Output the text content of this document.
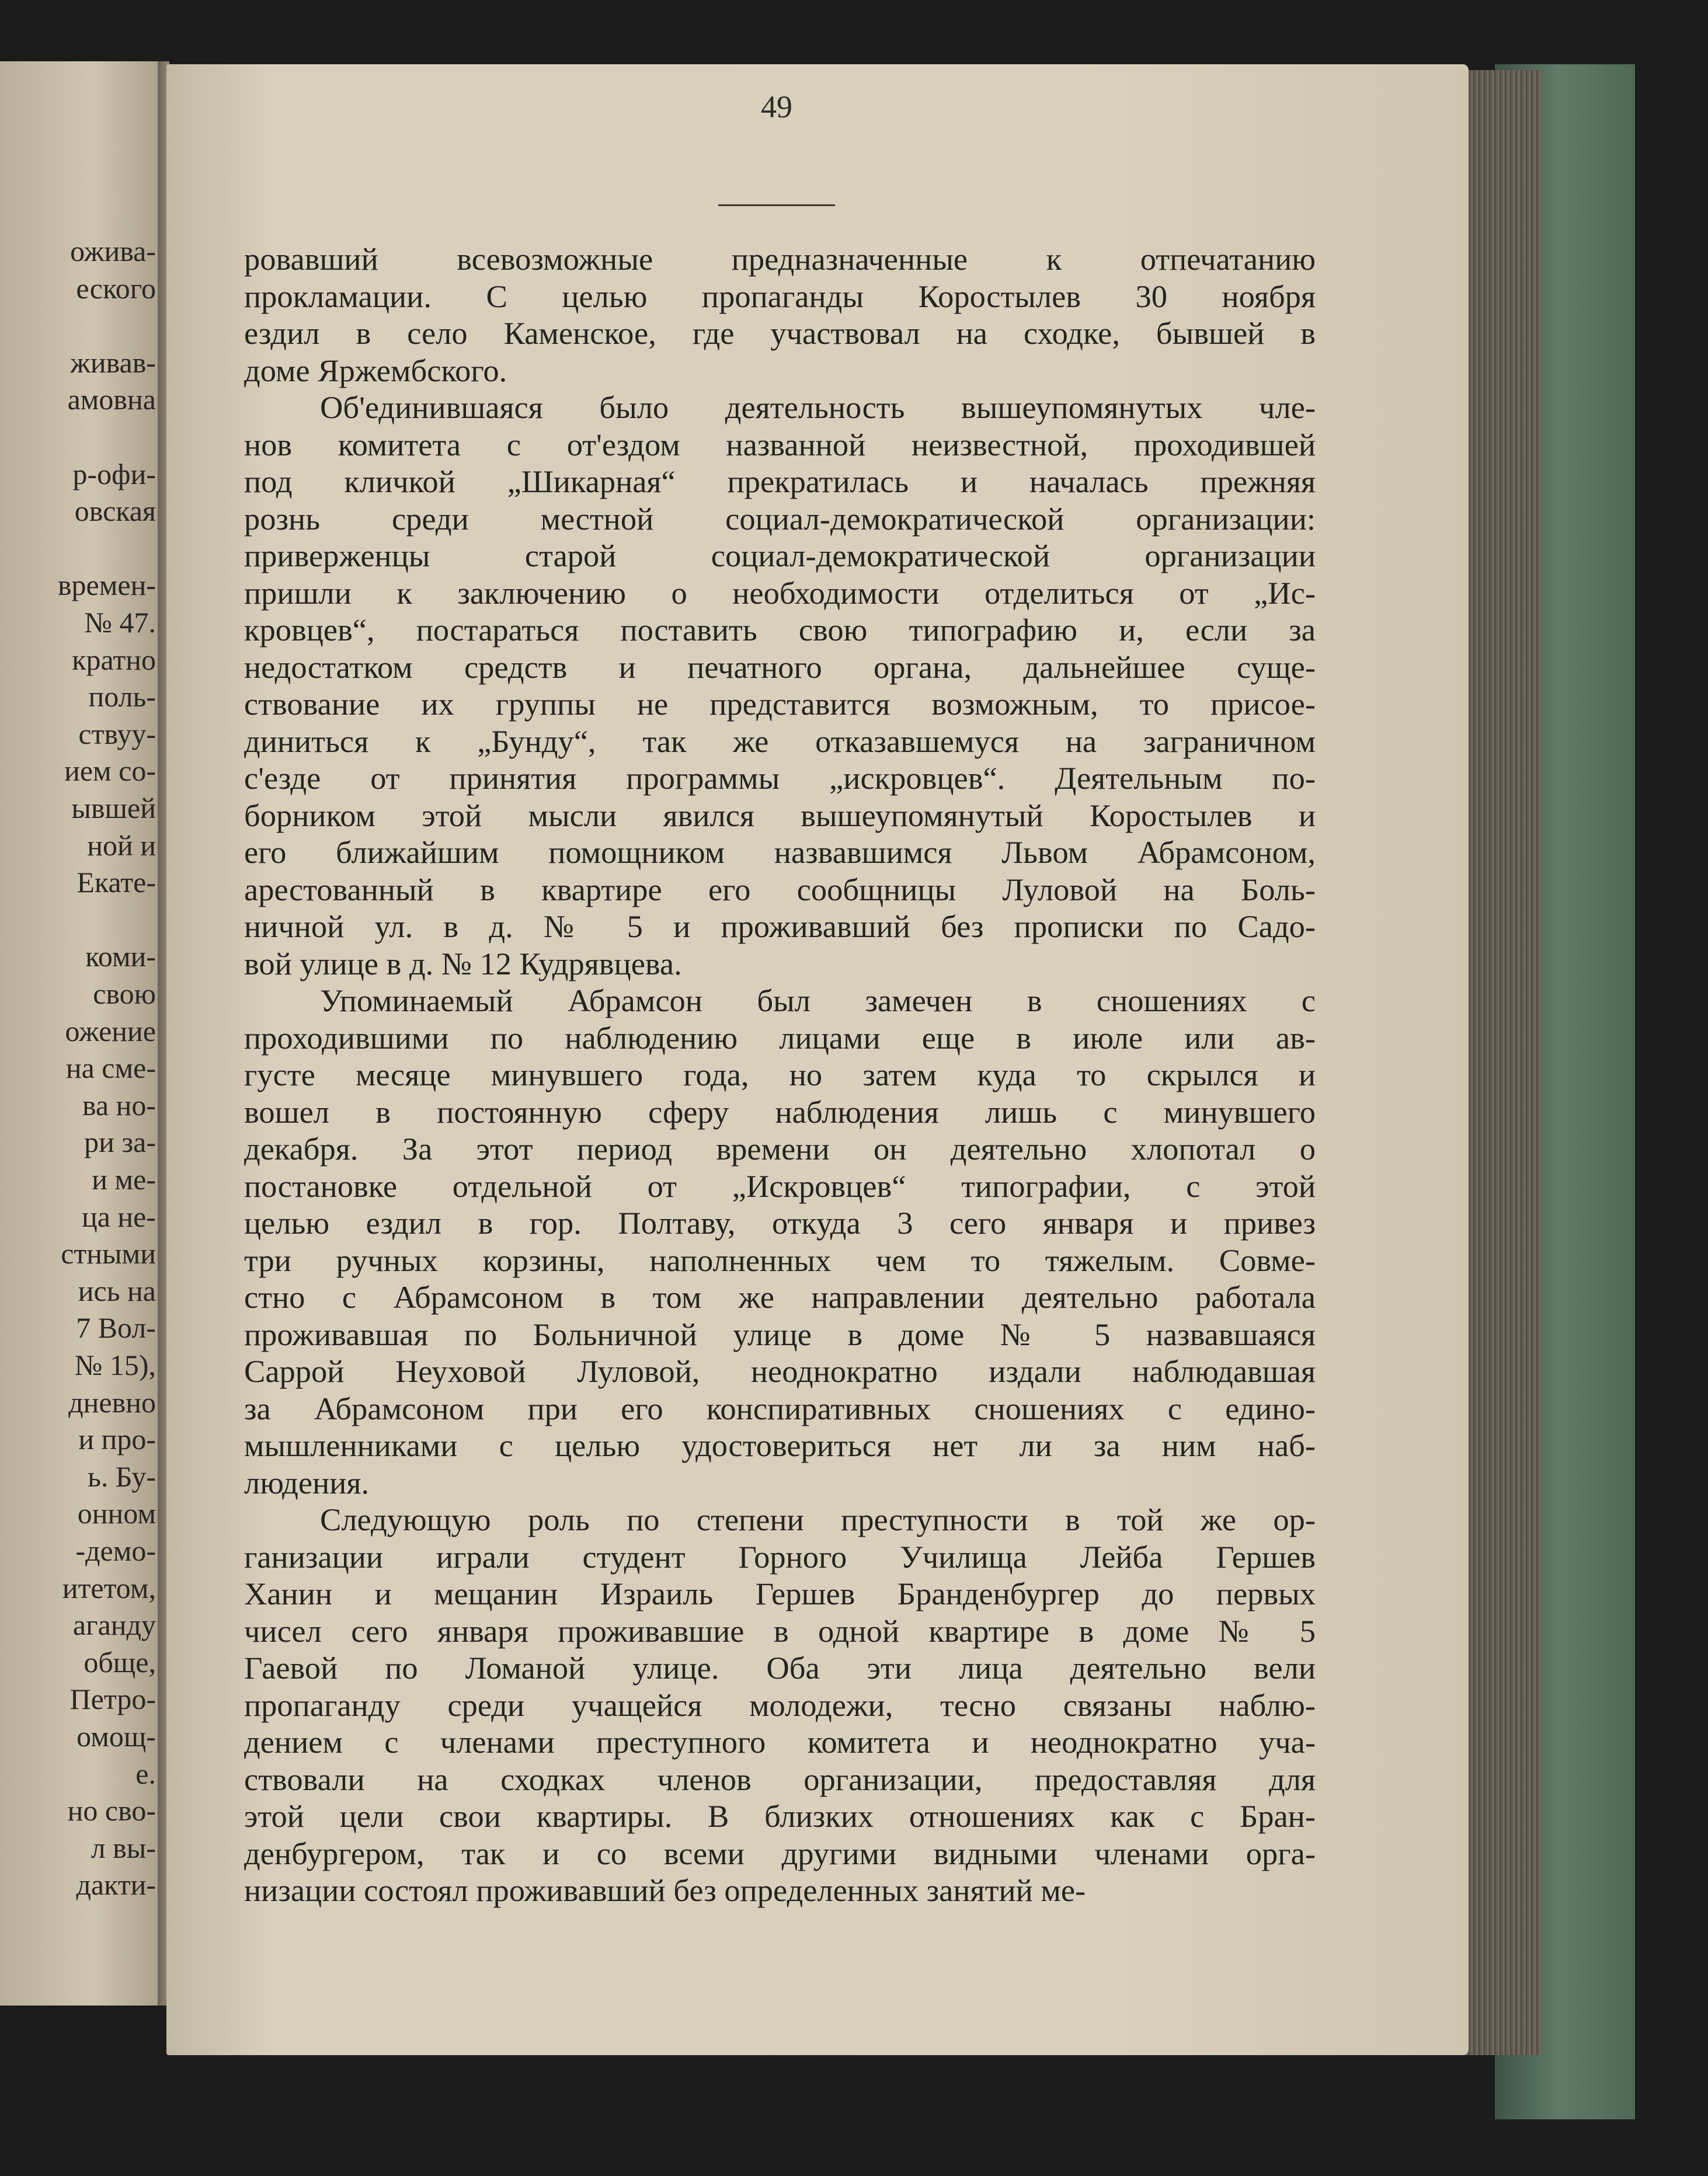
ожива-
еского
живав-
амовна
р-офи-
овская
времен-
№ 47.
кратно
поль-
ствуу-
ием со-
ывшей
ной и
Екате-
коми-
свою
ожение
на сме-
ва но-
ри за-
и ме-
ца не-
стными
ись на
7 Вол-
№ 15),
дневно
и про-
ь. Бу-
онном
-демо-
итетом,
аганду
обще,
Петро-
омощ-
е.
но сво-
л вы-
дакти-
49
ровавший всевозможные предназначенные к отпечатанию
прокламации. С целью пропаганды Коростылев 30 ноября
ездил в село Каменское, где участвовал на сходке, бывшей в
доме Яржембского.
Об'единившаяся было деятельность вышеупомянутых чле-
нов комитета с от'ездом названной неизвестной, проходившей
под кличкой „Шикарная“ прекратилась и началась прежняя
рознь среди местной социал-демократической организации:
приверженцы старой социал-демократической организации
пришли к заключению о необходимости отделиться от „Ис-
кровцев“, постараться поставить свою типографию и, если за
недостатком средств и печатного органа, дальнейшее суще-
ствование их группы не представится возможным, то присое-
диниться к „Бунду“, так же отказавшемуся на заграничном
с'езде от принятия программы „искровцев“. Деятельным по-
борником этой мысли явился вышеупомянутый Коростылев и
его ближайшим помощником назвавшимся Львом Абрамсоном,
арестованный в квартире его сообщницы Луловой на Боль-
ничной ул. в д. № 5 и проживавший без прописки по Садо-
вой улице в д. № 12 Кудрявцева.
Упоминаемый Абрамсон был замечен в сношениях с
проходившими по наблюдению лицами еще в июле или ав-
густе месяце минувшего года, но затем куда то скрылся и
вошел в постоянную сферу наблюдения лишь с минувшего
декабря. За этот период времени он деятельно хлопотал о
постановке отдельной от „Искровцев“ типографии, с этой
целью ездил в гор. Полтаву, откуда 3 сего января и привез
три ручных корзины, наполненных чем то тяжелым. Совме-
стно с Абрамсоном в том же направлении деятельно работала
проживавшая по Больничной улице в доме № 5 назвавшаяся
Саррой Неуховой Луловой, неоднократно издали наблюдавшая
за Абрамсоном при его конспиративных сношениях с едино-
мышленниками с целью удостовериться нет ли за ним наб-
людения.
Следующую роль по степени преступности в той же ор-
ганизации играли студент Горного Училища Лейба Гершев
Ханин и мещанин Израиль Гершев Бранденбургер до первых
чисел сего января проживавшие в одной квартире в доме № 5
Гаевой по Ломаной улице. Оба эти лица деятельно вели
пропаганду среди учащейся молодежи, тесно связаны наблю-
дением с членами преступного комитета и неоднократно уча-
ствовали на сходках членов организации, предоставляя для
этой цели свои квартиры. В близких отношениях как с Бран-
денбургером, так и со всеми другими видными членами орга-
низации состоял проживавший без определенных занятий ме-
